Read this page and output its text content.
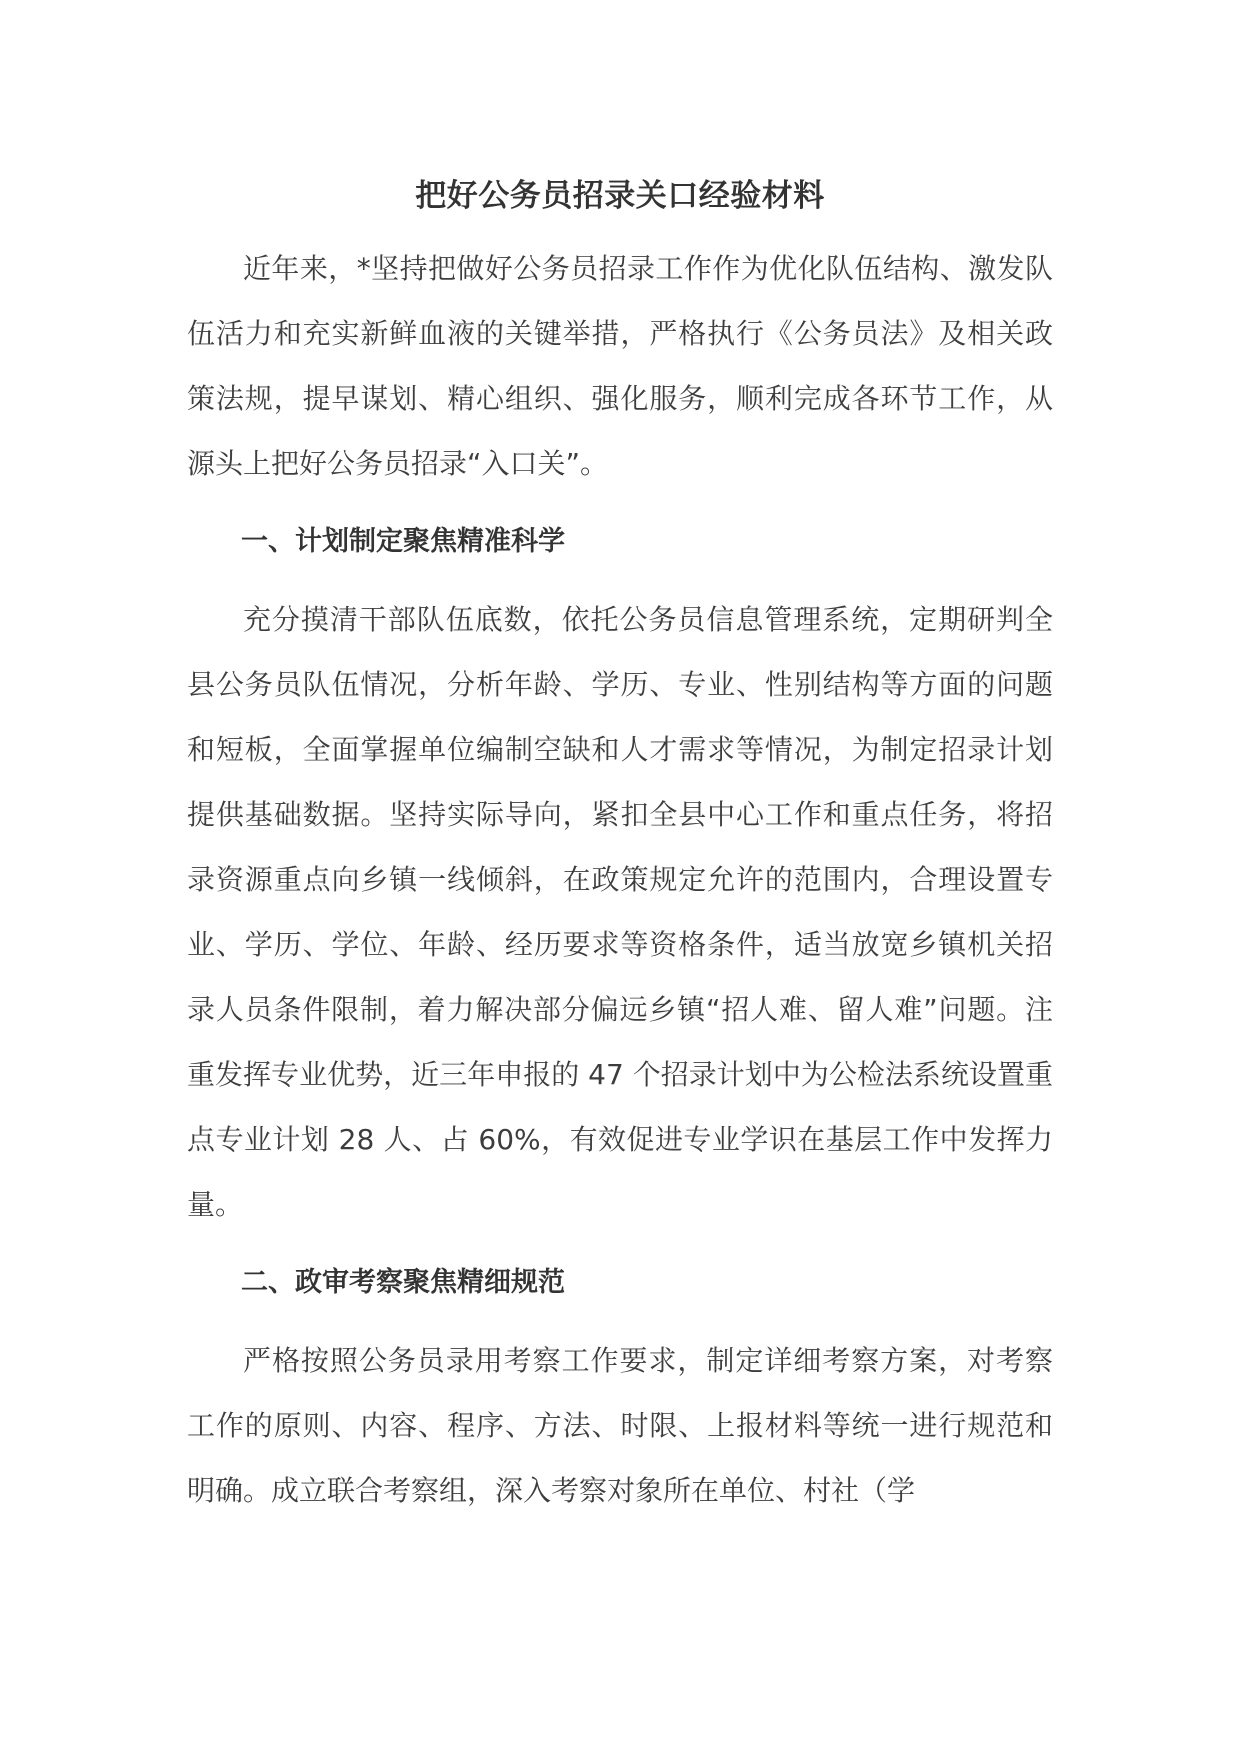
把好公务员招录关口经验材料

近年来，*坚持把做好公务员招录工作作为优化队伍结构、激发队伍活力和充实新鲜血液的关键举措，严格执行《公务员法》及相关政策法规，提早谋划、精心组织、强化服务，顺利完成各环节工作，从源头上把好公务员招录“入口关”。

一、计划制定聚焦精准科学

充分摸清干部队伍底数，依托公务员信息管理系统，定期研判全县公务员队伍情况，分析年龄、学历、专业、性别结构等方面的问题和短板，全面掌握单位编制空缺和人才需求等情况，为制定招录计划提供基础数据。坚持实际导向，紧扣全县中心工作和重点任务，将招录资源重点向乡镇一线倾斜，在政策规定允许的范围内，合理设置专业、学历、学位、年龄、经历要求等资格条件，适当放宽乡镇机关招录人员条件限制，着力解决部分偏远乡镇“招人难、留人难”问题。注重发挥专业优势，近三年申报的 47 个招录计划中为公检法系统设置重点专业计划 28 人、占 60%，有效促进专业学识在基层工作中发挥力量。

二、政审考察聚焦精细规范

严格按照公务员录用考察工作要求，制定详细考察方案，对考察工作的原则、内容、程序、方法、时限、上报材料等统一进行规范和明确。成立联合考察组，深入考察对象所在单位、村社（学
